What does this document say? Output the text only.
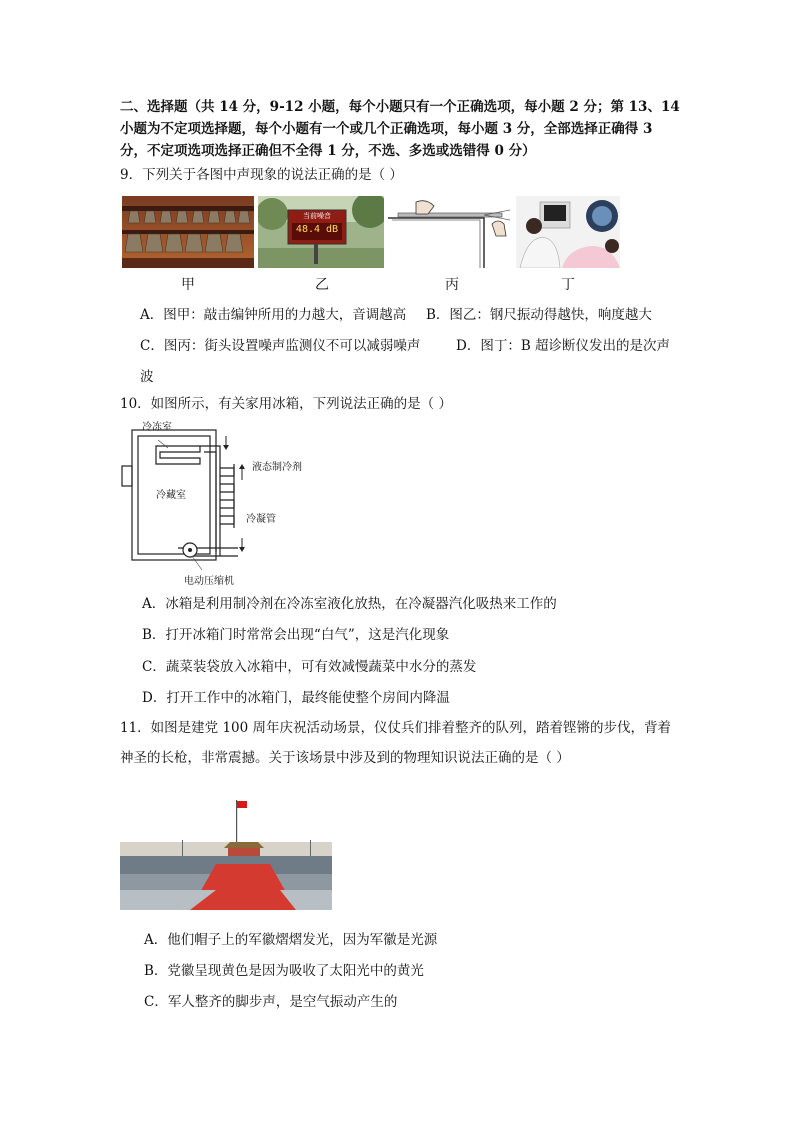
二、选择题（共 14 分，9-12 小题，每个小题只有一个正确选项，每小题 2 分；第 13、14
小题为不定项选择题，每个小题有一个或几个正确选项，每小题 3 分，全部选择正确得 3
分，不定项选项选择正确但不全得 1 分，不选、多选或选错得 0 分）
9．下列关于各图中声现象的说法正确的是（ ）
当前噪音
48.4 dB
甲	乙	丙	丁
A．图甲：敲击编钟所用的力越大，音调越高 B．图乙：钢尺振动得越快，响度越大
C．图丙：街头设置噪声监测仪不可以减弱噪声	D．图丁：B 超诊断仪发出的是次声
波
10．如图所示，有关家用冰箱，下列说法正确的是（ ）
冷冻室
冷藏室
液态制冷剂
冷凝管
电动压缩机
A．冰箱是利用制冷剂在冷冻室液化放热，在冷凝器汽化吸热来工作的
B．打开冰箱门时常常会出现“白气”，这是汽化现象
C．蔬菜装袋放入冰箱中，可有效减慢蔬菜中水分的蒸发
D．打开工作中的冰箱门，最终能使整个房间内降温
11．如图是建党 100 周年庆祝活动场景，仪仗兵们排着整齐的队列，踏着铿锵的步伐，背着
神圣的长枪，非常震撼。关于该场景中涉及到的物理知识说法正确的是（ ）
A．他们帽子上的军徽熠熠发光，因为军徽是光源
B．党徽呈现黄色是因为吸收了太阳光中的黄光
C．军人整齐的脚步声，是空气振动产生的
